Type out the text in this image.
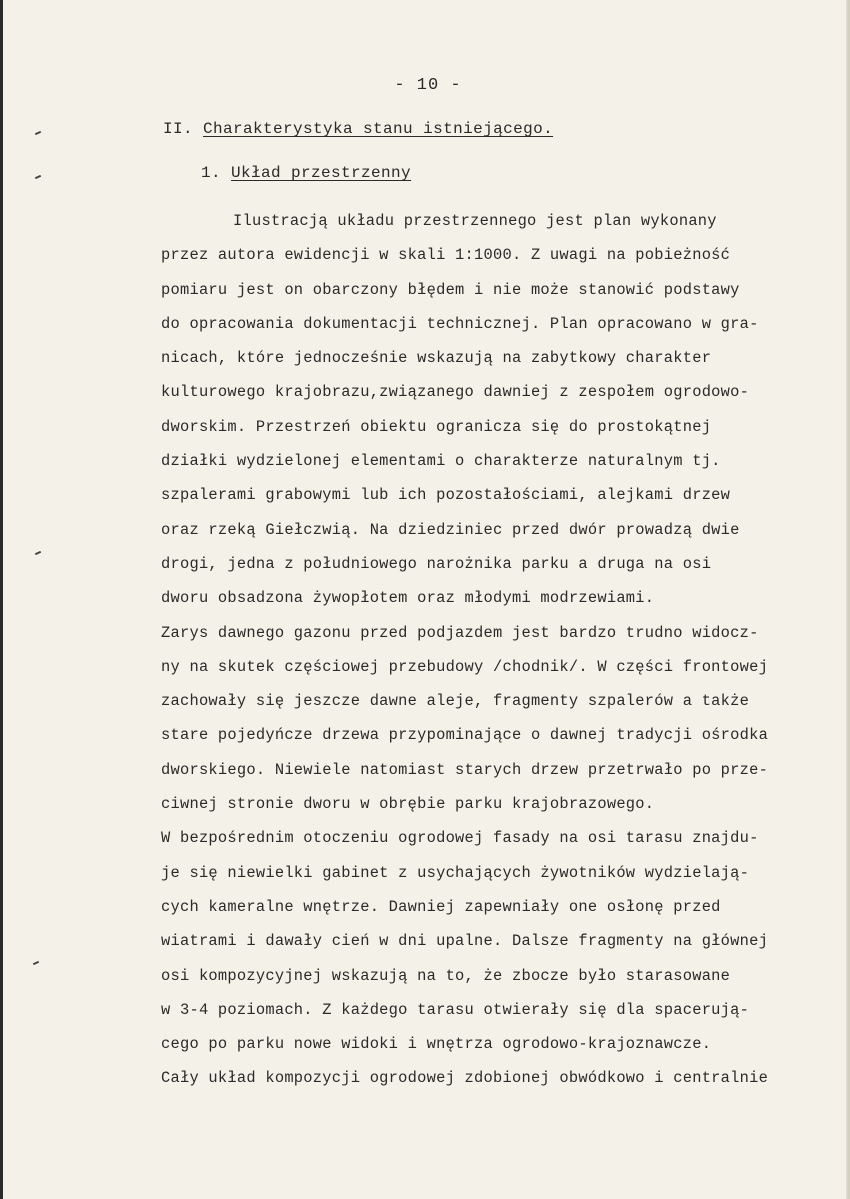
- 10 -
II. Charakterystyka stanu istniejącego.
1. Układ przestrzenny
Ilustracją układu przestrzennego jest plan wykonany
przez autora ewidencji w skali 1:1000. Z uwagi na pobieżność
pomiaru jest on obarczony błędem i nie może stanowić podstawy
do opracowania dokumentacji technicznej. Plan opracowano w gra-
nicach, które jednocześnie wskazują na zabytkowy charakter
kulturowego krajobrazu,związanego dawniej z zespołem ogrodowo-
dworskim. Przestrzeń obiektu ogranicza się do prostokątnej
działki wydzielonej elementami o charakterze naturalnym tj.
szpalerami grabowymi lub ich pozostałościami, alejkami drzew
oraz rzeką Giełczwią. Na dziedziniec przed dwór prowadzą dwie
drogi, jedna z południowego narożnika parku a druga na osi
dworu obsadzona żywopłotem oraz młodymi modrzewiami.
Zarys dawnego gazonu przed podjazdem jest bardzo trudno widocz-
ny na skutek częściowej przebudowy /chodnik/. W części frontowej
zachowały się jeszcze dawne aleje, fragmenty szpalerów a także
stare pojedyńcze drzewa przypominające o dawnej tradycji ośrodka
dworskiego. Niewiele natomiast starych drzew przetrwało po prze-
ciwnej stronie dworu w obrębie parku krajobrazowego.
W bezpośrednim otoczeniu ogrodowej fasady na osi tarasu znajdu-
je się niewielki gabinet z usychających żywotników wydzielają-
cych kameralne wnętrze. Dawniej zapewniały one osłonę przed
wiatrami i dawały cień w dni upalne. Dalsze fragmenty na głównej
osi kompozycyjnej wskazują na to, że zbocze było starasowane
w 3-4 poziomach. Z każdego tarasu otwierały się dla spacerują-
cego po parku nowe widoki i wnętrza ogrodowo-krajoznawcze.
Cały układ kompozycji ogrodowej zdobionej obwódkowo i centralnie
